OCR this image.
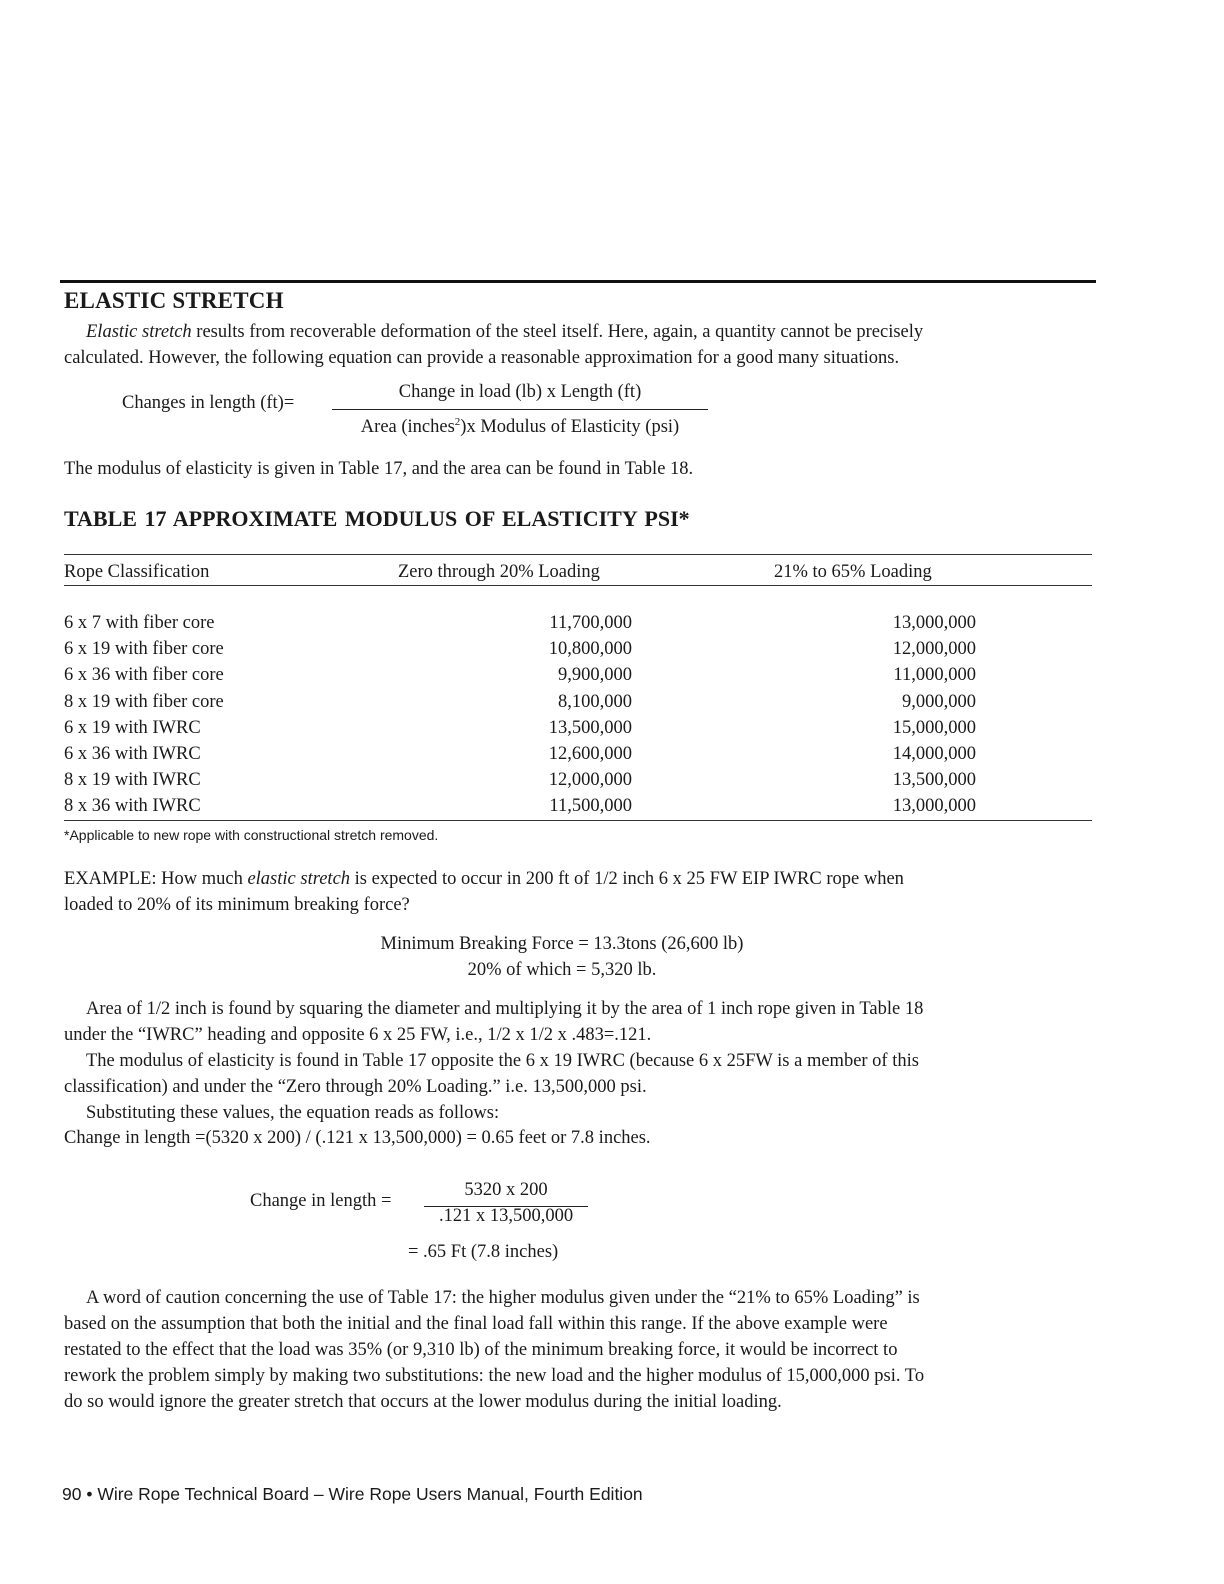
ELASTIC STRETCH
Elastic stretch results from recoverable deformation of the steel itself. Here, again, a quantity cannot be precisely
calculated. However, the following equation can provide a reasonable approximation for a good many situations.
Changes in length (ft)=
Change in load (lb) x Length (ft)
Area (inches$^2$)x Modulus of Elasticity (psi)
The modulus of elasticity is given in Table 17, and the area can be found in Table 18.
TABLE 17 APPROXIMATE MODULUS OF ELASTICITY PSI*
Rope Classification	Zero through 20% Loading	21% to 65% Loading
6 x 7 with fiber core	11,700,000	13,000,000
6 x 19 with fiber core	10,800,000	12,000,000
6 x 36 with fiber core	9,900,000	11,000,000
8 x 19 with fiber core	8,100,000	9,000,000
6 x 19 with IWRC	13,500,000	15,000,000
6 x 36 with IWRC	12,600,000	14,000,000
8 x 19 with IWRC	12,000,000	13,500,000
8 x 36 with IWRC	11,500,000	13,000,000
*Applicable to new rope with constructional stretch removed.
EXAMPLE: How much elastic stretch is expected to occur in 200 ft of 1/2 inch 6 x 25 FW EIP IWRC rope when
loaded to 20% of its minimum breaking force?
Minimum Breaking Force = 13.3tons (26,600 lb)
20% of which = 5,320 lb.
Area of 1/2 inch is found by squaring the diameter and multiplying it by the area of 1 inch rope given in Table 18
under the “IWRC” heading and opposite 6 x 25 FW, i.e., 1/2 x 1/2 x .483=.121.
The modulus of elasticity is found in Table 17 opposite the 6 x 19 IWRC (because 6 x 25FW is a member of this
classification) and under the “Zero through 20% Loading.” i.e. 13,500,000 psi.
Substituting these values, the equation reads as follows:
Change in length =(5320 x 200) / (.121 x 13,500,000) = 0.65 feet or 7.8 inches.
Change in length =
5320 x 200
.121 x 13,500,000
= .65 Ft (7.8 inches)
A word of caution concerning the use of Table 17: the higher modulus given under the “21% to 65% Loading” is
based on the assumption that both the initial and the final load fall within this range. If the above example were
restated to the effect that the load was 35% (or 9,310 lb) of the minimum breaking force, it would be incorrect to
rework the problem simply by making two substitutions: the new load and the higher modulus of 15,000,000 psi. To
do so would ignore the greater stretch that occurs at the lower modulus during the initial loading.
90 • Wire Rope Technical Board – Wire Rope Users Manual, Fourth Edition
